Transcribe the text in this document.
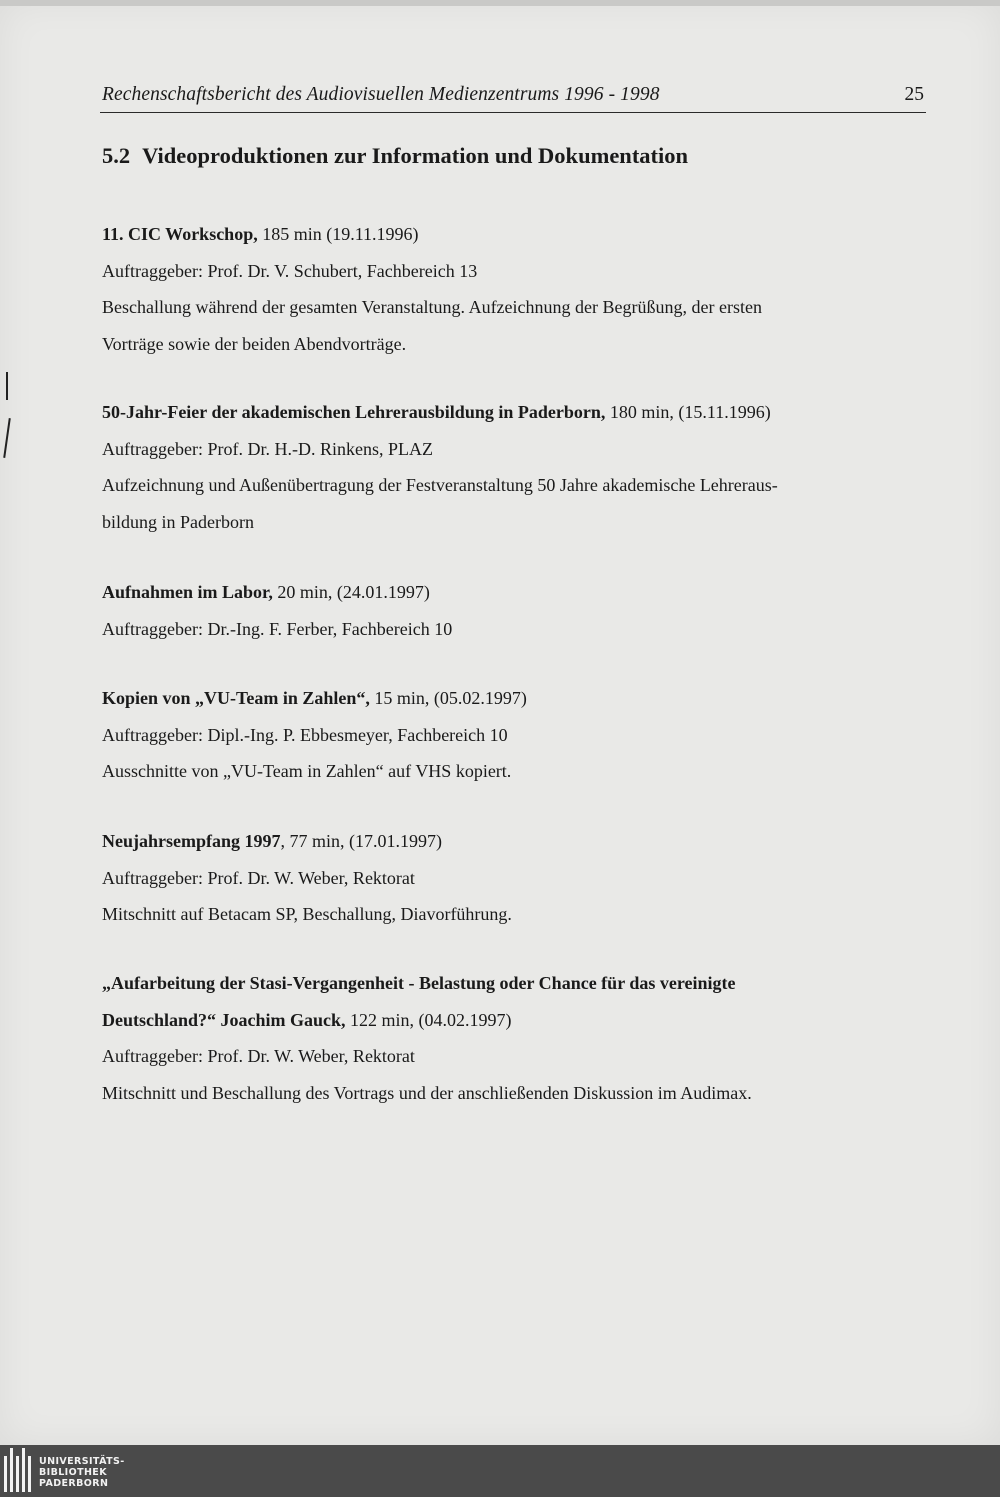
Rechenschaftsbericht des Audiovisuellen Medienzentrums 1996 - 1998	25
5.2 Videoproduktionen zur Information und Dokumentation

11. CIC Workschop, 185 min (19.11.1996)

Auftraggeber: Prof. Dr. V. Schubert, Fachbereich 13

Beschallung während der gesamten Veranstaltung. Aufzeichnung der Begrüßung, der ersten

Vorträge sowie der beiden Abendvorträge.

50-Jahr-Feier der akademischen Lehrerausbildung in Paderborn, 180 min, (15.11.1996)

Auftraggeber: Prof. Dr. H.-D. Rinkens, PLAZ

Aufzeichnung und Außenübertragung der Festveranstaltung 50 Jahre akademische Lehreraus-

bildung in Paderborn

Aufnahmen im Labor, 20 min, (24.01.1997)

Auftraggeber: Dr.-Ing. F. Ferber, Fachbereich 10

Kopien von „VU-Team in Zahlen“, 15 min, (05.02.1997)

Auftraggeber: Dipl.-Ing. P. Ebbesmeyer, Fachbereich 10

Ausschnitte von „VU-Team in Zahlen“ auf VHS kopiert.

Neujahrsempfang 1997, 77 min, (17.01.1997)

Auftraggeber: Prof. Dr. W. Weber, Rektorat

Mitschnitt auf Betacam SP, Beschallung, Diavorführung.

„Aufarbeitung der Stasi-Vergangenheit - Belastung oder Chance für das vereinigte

Deutschland?“ Joachim Gauck, 122 min, (04.02.1997)

Auftraggeber: Prof. Dr. W. Weber, Rektorat

Mitschnitt und Beschallung des Vortrags und der anschließenden Diskussion im Audimax.

UNIVERSITÄTS-
BIBLIOTHEK
PADERBORN
